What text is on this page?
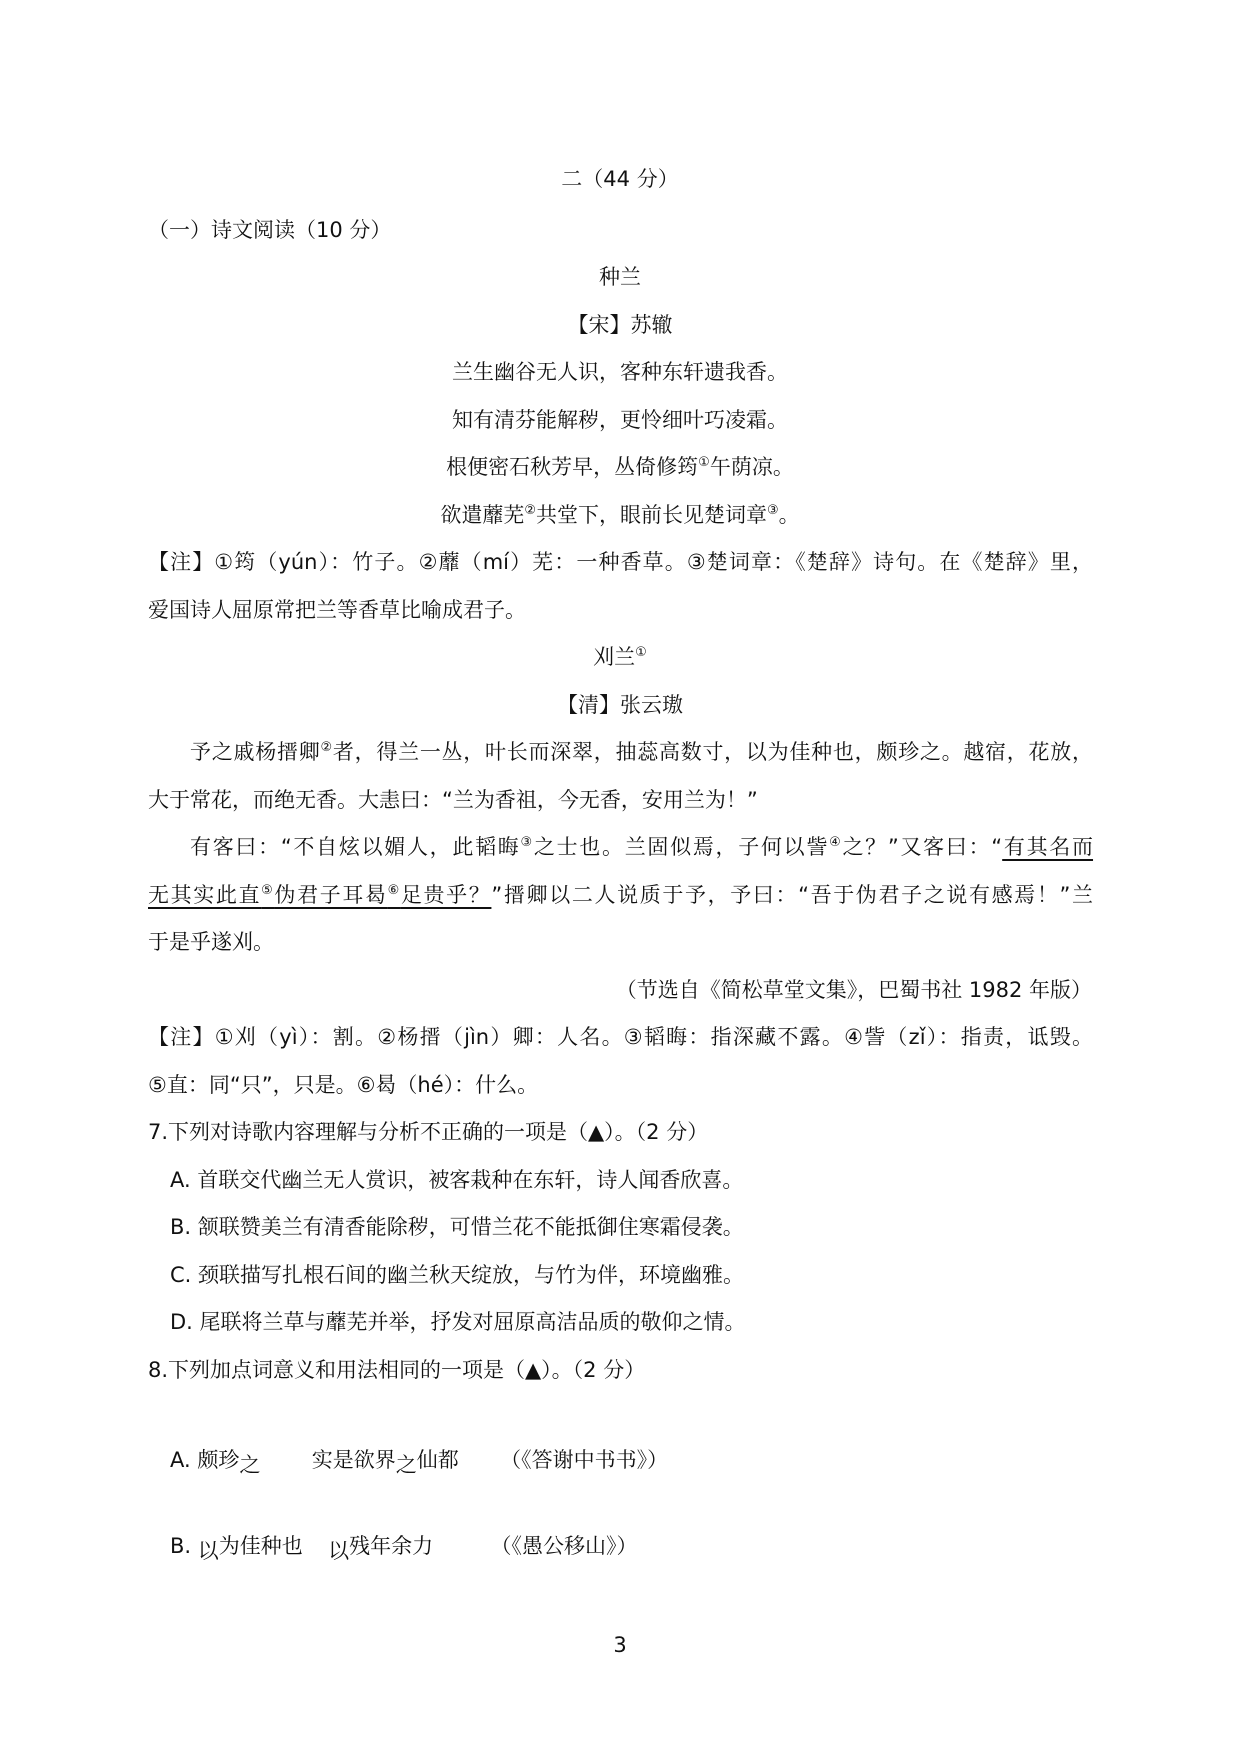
二（44 分）
（一）诗文阅读（10 分）
种兰
【宋】苏辙
兰生幽谷无人识，客种东轩遗我香。
知有清芬能解秽，更怜细叶巧凌霜。
根便密石秋芳早，丛倚修筠①午荫凉。
欲遣蘼芜②共堂下，眼前长见楚词章③。
【注】①筠（yún）：竹子。②蘼（mí）芜：一种香草。③楚词章：《楚辞》诗句。在《楚辞》里，
爱国诗人屈原常把兰等香草比喻成君子。
刈兰①
【清】张云璈
予之戚杨搢卿②者，得兰一丛，叶长而深翠，抽蕊高数寸，以为佳种也，颇珍之。越宿，花放，
大于常花，而绝无香。大恚曰：“兰为香祖，今无香，安用兰为！”
有客曰：“不自炫以媚人，此韬晦③之士也。兰固似焉，子何以訾④之？”又客曰：“有其名而
无其实此直⑤伪君子耳曷⑥足贵乎？”搢卿以二人说质于予，予曰：“吾于伪君子之说有感焉！”兰
于是乎遂刈。
（节选自《简松草堂文集》，巴蜀书社 1982 年版）
【注】①刈（yì）：割。②杨搢（jìn）卿：人名。③韬晦：指深藏不露。④訾（zǐ）：指责，诋毁。
⑤直：同“只”，只是。⑥曷（hé）：什么。
7.下列对诗歌内容理解与分析不正确的一项是（▲）。（2 分）
A. 首联交代幽兰无人赏识，被客栽种在东轩，诗人闻香欣喜。
B. 颔联赞美兰有清香能除秽，可惜兰花不能抵御住寒霜侵袭。
C. 颈联描写扎根石间的幽兰秋天绽放，与竹为伴，环境幽雅。
D. 尾联将兰草与蘼芜并举，抒发对屈原高洁品质的敬仰之情。
8.下列加点词意义和用法相同的一项是（▲）。（2 分）
A. 颇珍之 实是欲界之仙都 （《答谢中书书》）
B. 以为佳种也 以残年余力	（《愚公移山》）
3
